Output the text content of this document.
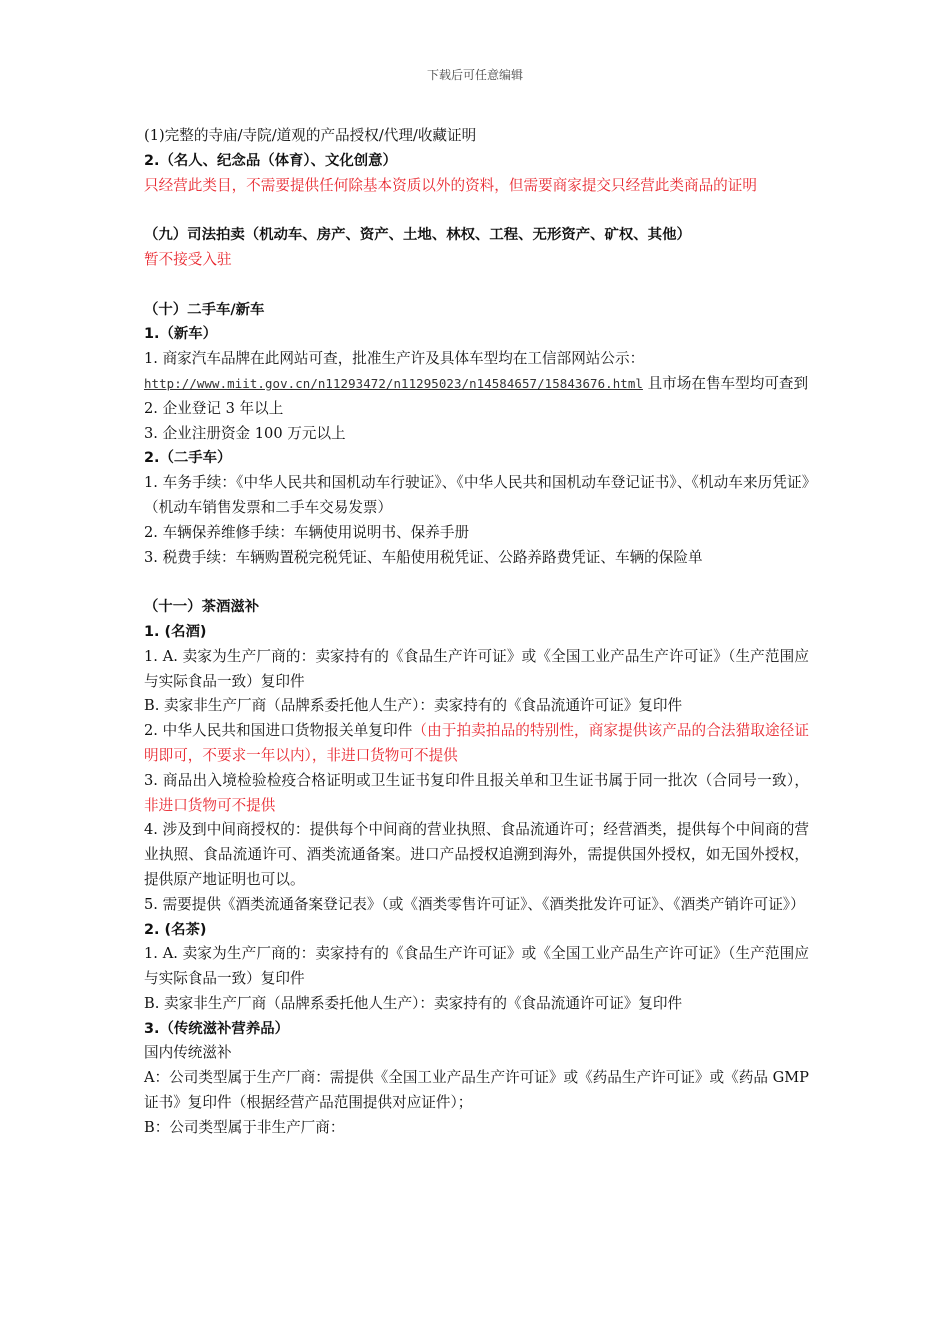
下载后可任意编辑

(1)完整的寺庙/寺院/道观的产品授权/代理/收藏证明

2.（名人、纪念品（体育）、文化创意）

只经营此类目，不需要提供任何除基本资质以外的资料，但需要商家提交只经营此类商品的证明

（九）司法拍卖（机动车、房产、资产、土地、林权、工程、无形资产、矿权、其他）

暂不接受入驻

（十）二手车/新车

1.（新车）

1. 商家汽车品牌在此网站可查，批准生产许及具体车型均在工信部网站公示：

http://www.miit.gov.cn/n11293472/n11295023/n14584657/15843676.html 且市场在售车型均可查到

2. 企业登记 3 年以上

3. 企业注册资金 100 万元以上

2.（二手车）

1. 车务手续：《中华人民共和国机动车行驶证》、《中华人民共和国机动车登记证书》、《机动车来历凭证》（机动车销售发票和二手车交易发票）

2. 车辆保养维修手续：车辆使用说明书、保养手册

3. 税费手续：车辆购置税完税凭证、车船使用税凭证、公路养路费凭证、车辆的保险单

（十一）茶酒滋补

1. (名酒)

1. A. 卖家为生产厂商的：卖家持有的《食品生产许可证》或《全国工业产品生产许可证》（生产范围应与实际食品一致）复印件

B. 卖家非生产厂商（品牌系委托他人生产）：卖家持有的《食品流通许可证》复印件

2. 中华人民共和国进口货物报关单复印件（由于拍卖拍品的特别性，商家提供该产品的合法猎取途径证明即可，不要求一年以内），非进口货物可不提供

3. 商品出入境检验检疫合格证明或卫生证书复印件且报关单和卫生证书属于同一批次（合同号一致），非进口货物可不提供

4. 涉及到中间商授权的：提供每个中间商的营业执照、食品流通许可；经营酒类，提供每个中间商的营业执照、食品流通许可、酒类流通备案。进口产品授权追溯到海外，需提供国外授权，如无国外授权，提供原产地证明也可以。

5. 需要提供《酒类流通备案登记表》（或《酒类零售许可证》、《酒类批发许可证》、《酒类产销许可证》）

2. (名茶)

1. A. 卖家为生产厂商的：卖家持有的《食品生产许可证》或《全国工业产品生产许可证》（生产范围应与实际食品一致）复印件

B. 卖家非生产厂商（品牌系委托他人生产）：卖家持有的《食品流通许可证》复印件

3.（传统滋补营养品）

国内传统滋补

A：公司类型属于生产厂商：需提供《全国工业产品生产许可证》或《药品生产许可证》或《药品 GMP 证书》复印件（根据经营产品范围提供对应证件）；

B：公司类型属于非生产厂商：
